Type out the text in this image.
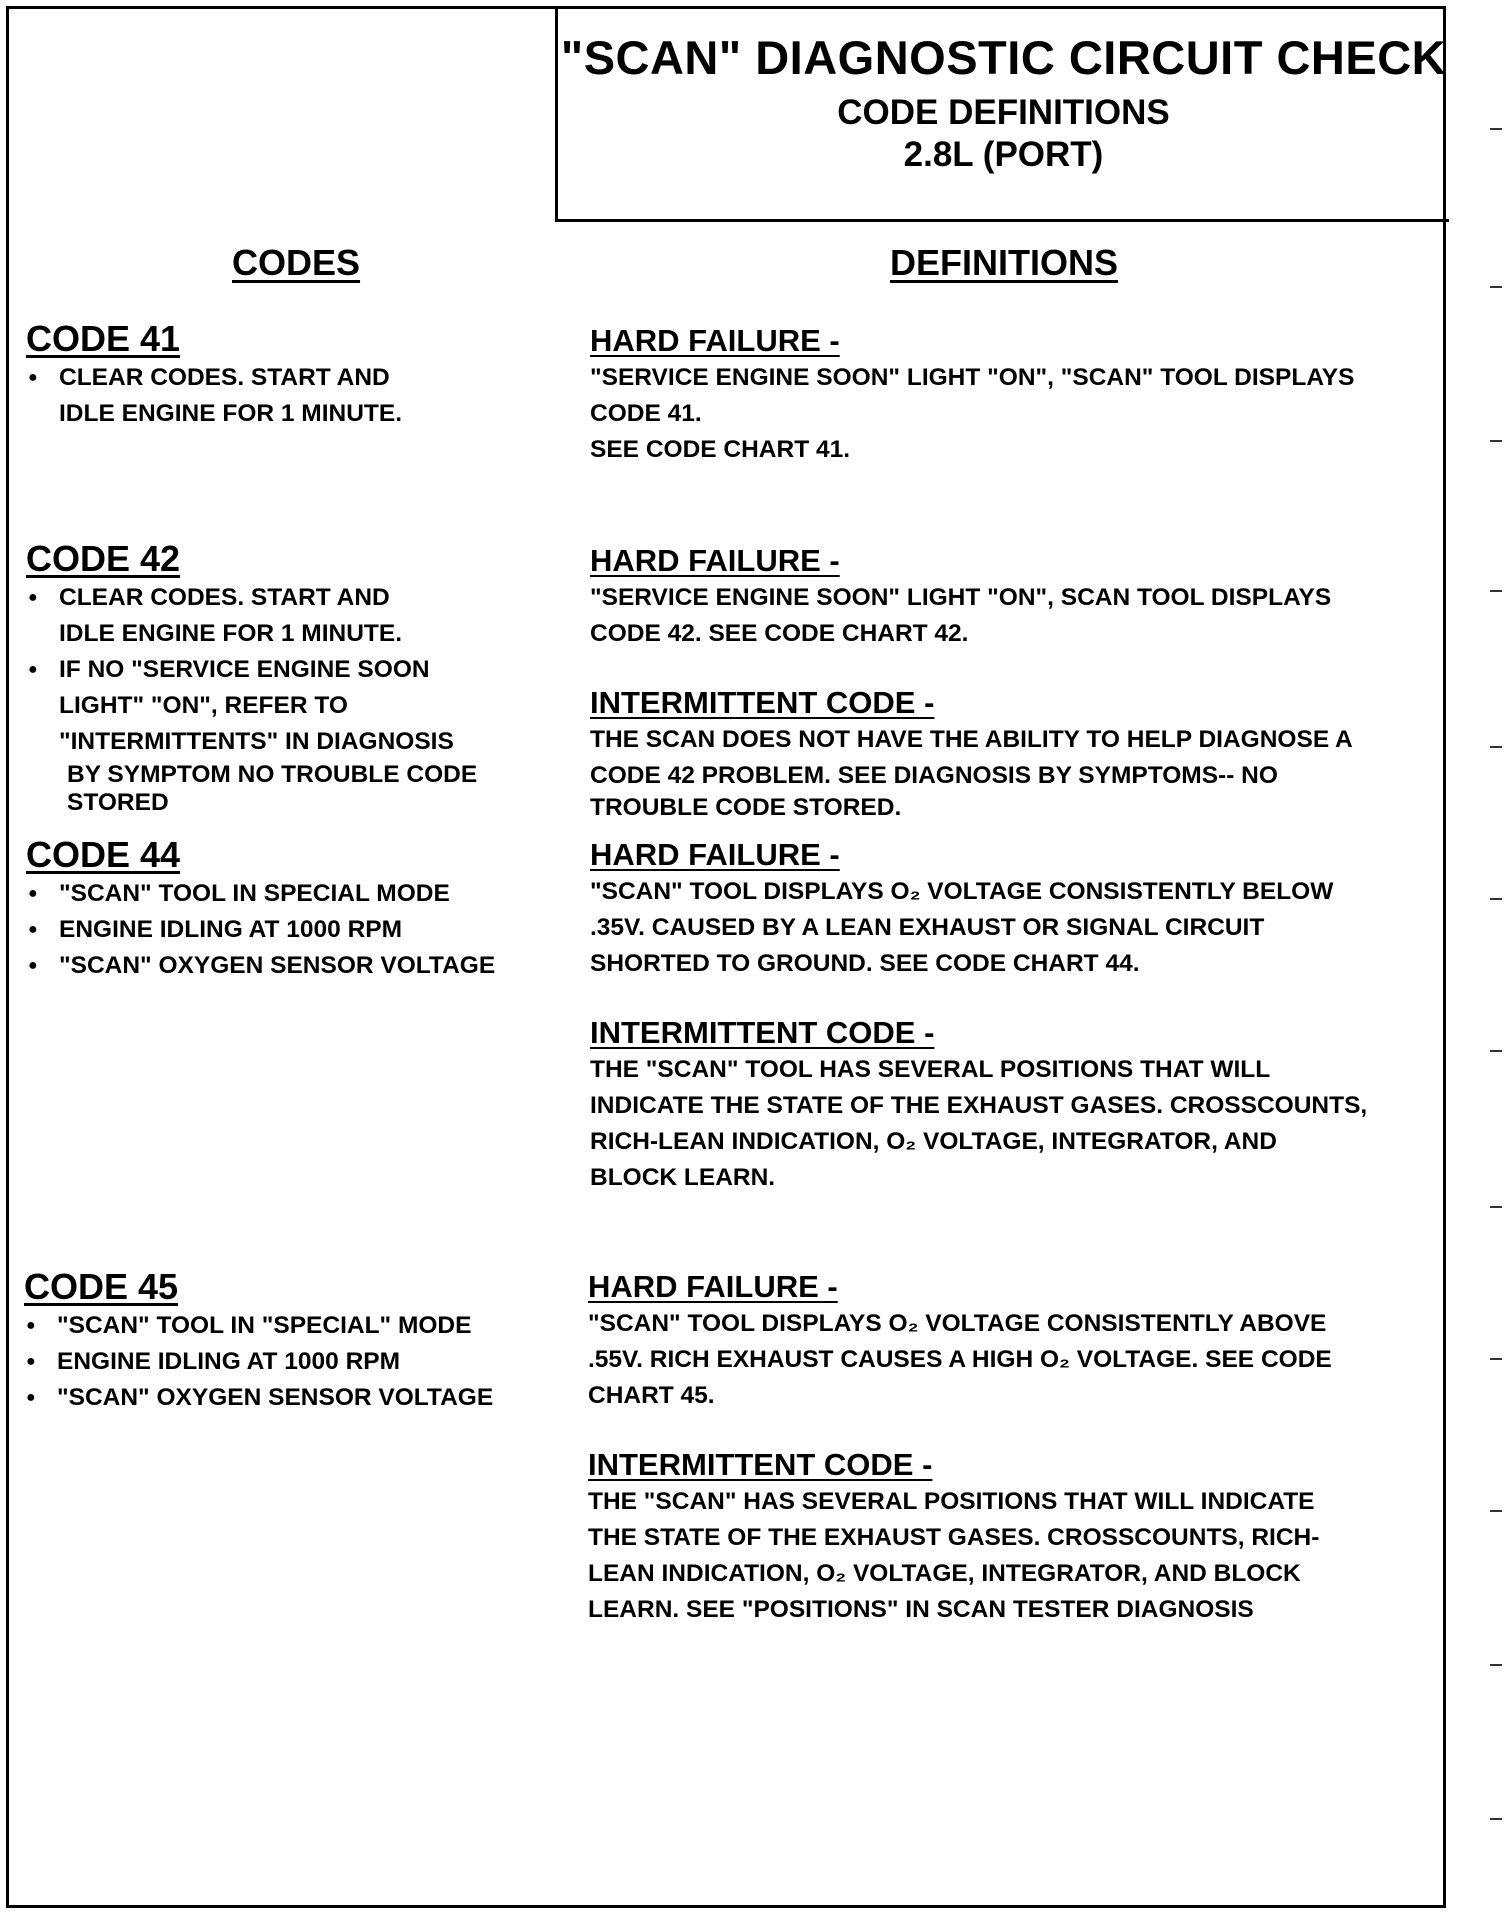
"SCAN" DIAGNOSTIC CIRCUIT CHECK
CODE DEFINITIONS
2.8L (PORT)
CODES	DEFINITIONS
CODE 41
● CLEAR CODES. START AND
IDLE ENGINE FOR 1 MINUTE.
HARD FAILURE -
"SERVICE ENGINE SOON" LIGHT "ON", "SCAN" TOOL DISPLAYS
CODE 41.
SEE CODE CHART 41.
CODE 42
● CLEAR CODES. START AND
IDLE ENGINE FOR 1 MINUTE.
● IF NO "SERVICE ENGINE SOON
LIGHT" "ON", REFER TO
"INTERMITTENTS" IN DIAGNOSIS
BY SYMPTOM NO TROUBLE CODE
STORED
HARD FAILURE -
"SERVICE ENGINE SOON" LIGHT "ON", SCAN TOOL DISPLAYS
CODE 42. SEE CODE CHART 42.
INTERMITTENT CODE -
THE SCAN DOES NOT HAVE THE ABILITY TO HELP DIAGNOSE A
CODE 42 PROBLEM. SEE DIAGNOSIS BY SYMPTOMS-- NO
TROUBLE CODE STORED.
CODE 44
● "SCAN" TOOL IN SPECIAL MODE
● ENGINE IDLING AT 1000 RPM
● "SCAN" OXYGEN SENSOR VOLTAGE
HARD FAILURE -
"SCAN" TOOL DISPLAYS O₂ VOLTAGE CONSISTENTLY BELOW
.35V. CAUSED BY A LEAN EXHAUST OR SIGNAL CIRCUIT
SHORTED TO GROUND. SEE CODE CHART 44.
INTERMITTENT CODE -
THE "SCAN" TOOL HAS SEVERAL POSITIONS THAT WILL
INDICATE THE STATE OF THE EXHAUST GASES. CROSSCOUNTS,
RICH-LEAN INDICATION, O₂ VOLTAGE, INTEGRATOR, AND
BLOCK LEARN.
CODE 45
● "SCAN" TOOL IN "SPECIAL" MODE
● ENGINE IDLING AT 1000 RPM
● "SCAN" OXYGEN SENSOR VOLTAGE
HARD FAILURE -
"SCAN" TOOL DISPLAYS O₂ VOLTAGE CONSISTENTLY ABOVE
.55V. RICH EXHAUST CAUSES A HIGH O₂ VOLTAGE. SEE CODE
CHART 45.
INTERMITTENT CODE -
THE "SCAN" HAS SEVERAL POSITIONS THAT WILL INDICATE
THE STATE OF THE EXHAUST GASES. CROSSCOUNTS, RICH-
LEAN INDICATION, O₂ VOLTAGE, INTEGRATOR, AND BLOCK
LEARN. SEE "POSITIONS" IN SCAN TESTER DIAGNOSIS
